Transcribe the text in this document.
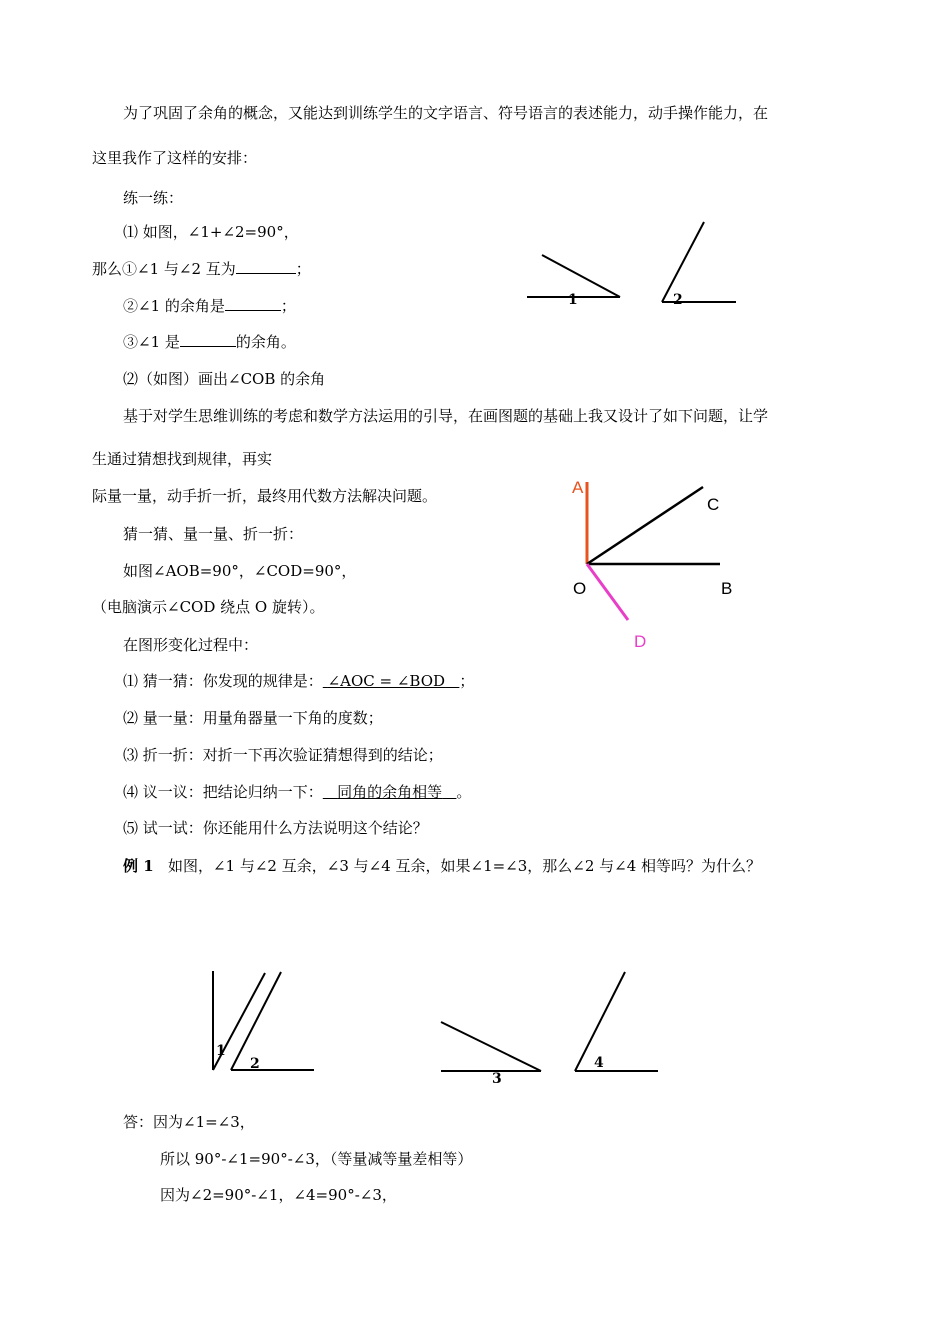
为了巩固了余角的概念，又能达到训练学生的文字语言、符号语言的表述能力，动手操作能力，在
这里我作了这样的安排：
练一练：
⑴ 如图，∠1+∠2=90°，
那么①∠1 与∠2 互为	；
②∠1 的余角是	；
③∠1 是	的余角。
⑵（如图）画出∠COB 的余角
基于对学生思维训练的考虑和数学方法运用的引导，在画图题的基础上我又设计了如下问题，让学
生通过猜想找到规律，再实
际量一量，动手折一折，最终用代数方法解决问题。
猜一猜、量一量、折一折：
如图∠AOB=90°，∠COD=90°，
（电脑演示∠COD 绕点 O 旋转）。
在图形变化过程中：
⑴ 猜一猜：你发现的规律是： ∠AOC = ∠BOD ；
⑵ 量一量：用量角器量一下角的度数；
⑶ 折一折：对折一下再次验证猜想得到的结论；
⑷ 议一议：把结论归纳一下： 同角的余角相等 。
⑸ 试一试：你还能用什么方法说明这个结论？
例 1 如图，∠1 与∠2 互余，∠3 与∠4 互余，如果∠1=∠3，那么∠2 与∠4 相等吗？为什么？
答：因为∠1=∠3，
所以 90°-∠1=90°-∠3，（等量减等量差相等）
因为∠2=90°-∠1，∠4=90°-∠3，
1	2
A
C
O	B
D
1
2
3
4
